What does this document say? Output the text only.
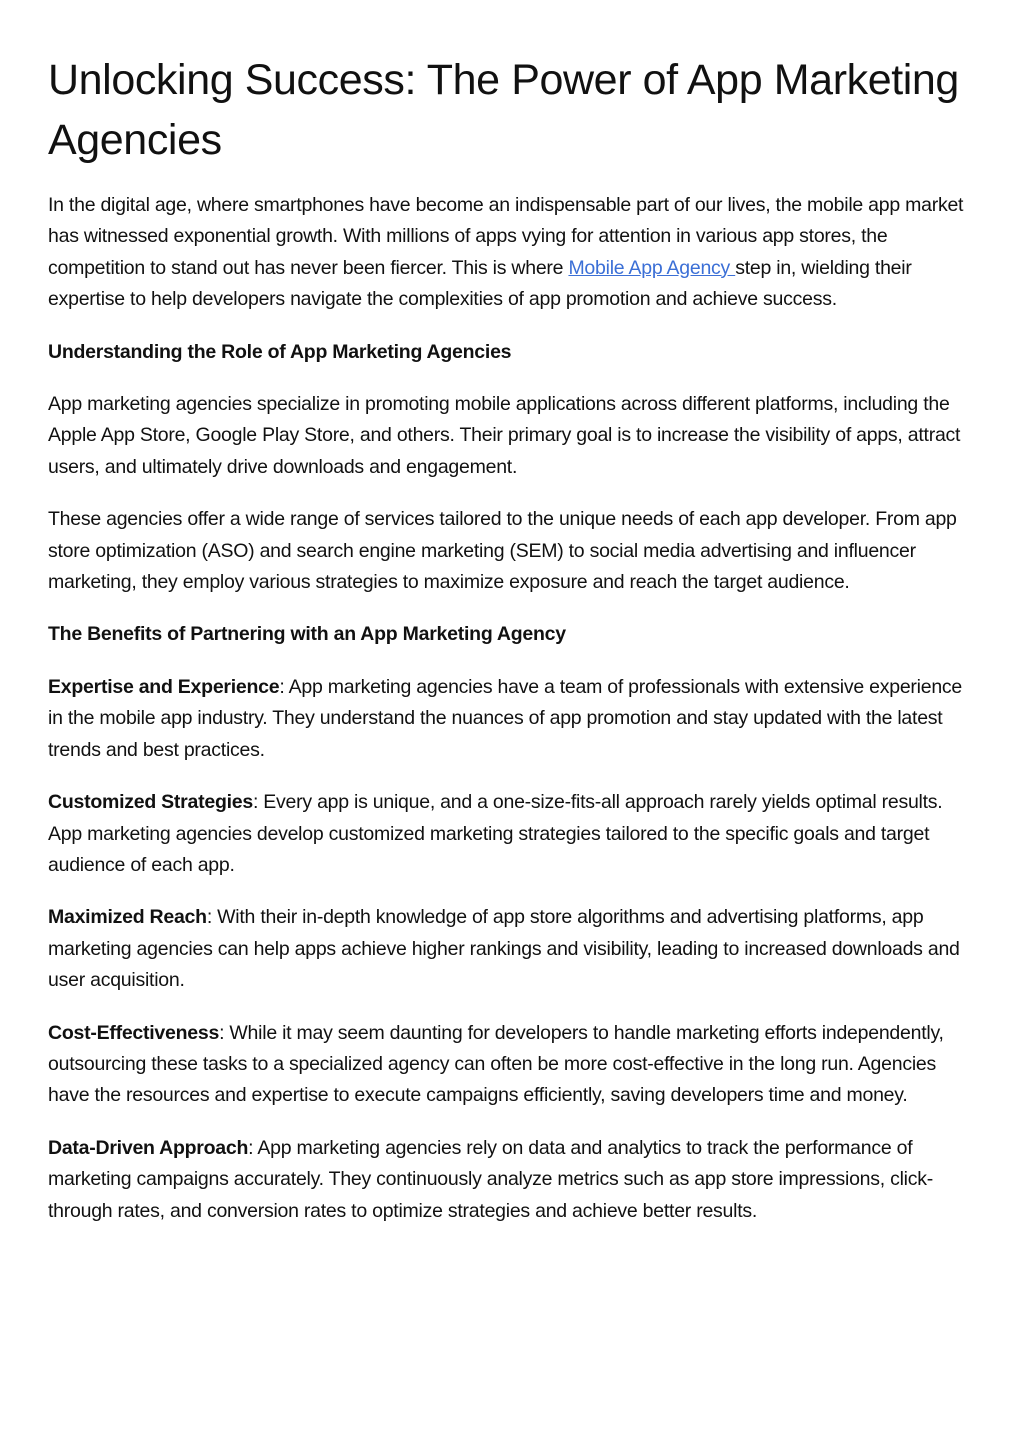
Unlocking Success: The Power of App Marketing Agencies

In the digital age, where smartphones have become an indispensable part of our lives, the mobile app market has witnessed exponential growth. With millions of apps vying for attention in various app stores, the competition to stand out has never been fiercer. This is where Mobile App Agency step in, wielding their expertise to help developers navigate the complexities of app promotion and achieve success.

Understanding the Role of App Marketing Agencies

App marketing agencies specialize in promoting mobile applications across different platforms, including the Apple App Store, Google Play Store, and others. Their primary goal is to increase the visibility of apps, attract users, and ultimately drive downloads and engagement.

These agencies offer a wide range of services tailored to the unique needs of each app developer. From app store optimization (ASO) and search engine marketing (SEM) to social media advertising and influencer marketing, they employ various strategies to maximize exposure and reach the target audience.

The Benefits of Partnering with an App Marketing Agency

Expertise and Experience: App marketing agencies have a team of professionals with extensive experience in the mobile app industry. They understand the nuances of app promotion and stay updated with the latest trends and best practices.

Customized Strategies: Every app is unique, and a one-size-fits-all approach rarely yields optimal results. App marketing agencies develop customized marketing strategies tailored to the specific goals and target audience of each app.

Maximized Reach: With their in-depth knowledge of app store algorithms and advertising platforms, app marketing agencies can help apps achieve higher rankings and visibility, leading to increased downloads and user acquisition.

Cost-Effectiveness: While it may seem daunting for developers to handle marketing efforts independently, outsourcing these tasks to a specialized agency can often be more cost-effective in the long run. Agencies have the resources and expertise to execute campaigns efficiently, saving developers time and money.

Data-Driven Approach: App marketing agencies rely on data and analytics to track the performance of marketing campaigns accurately. They continuously analyze metrics such as app store impressions, click-through rates, and conversion rates to optimize strategies and achieve better results.
